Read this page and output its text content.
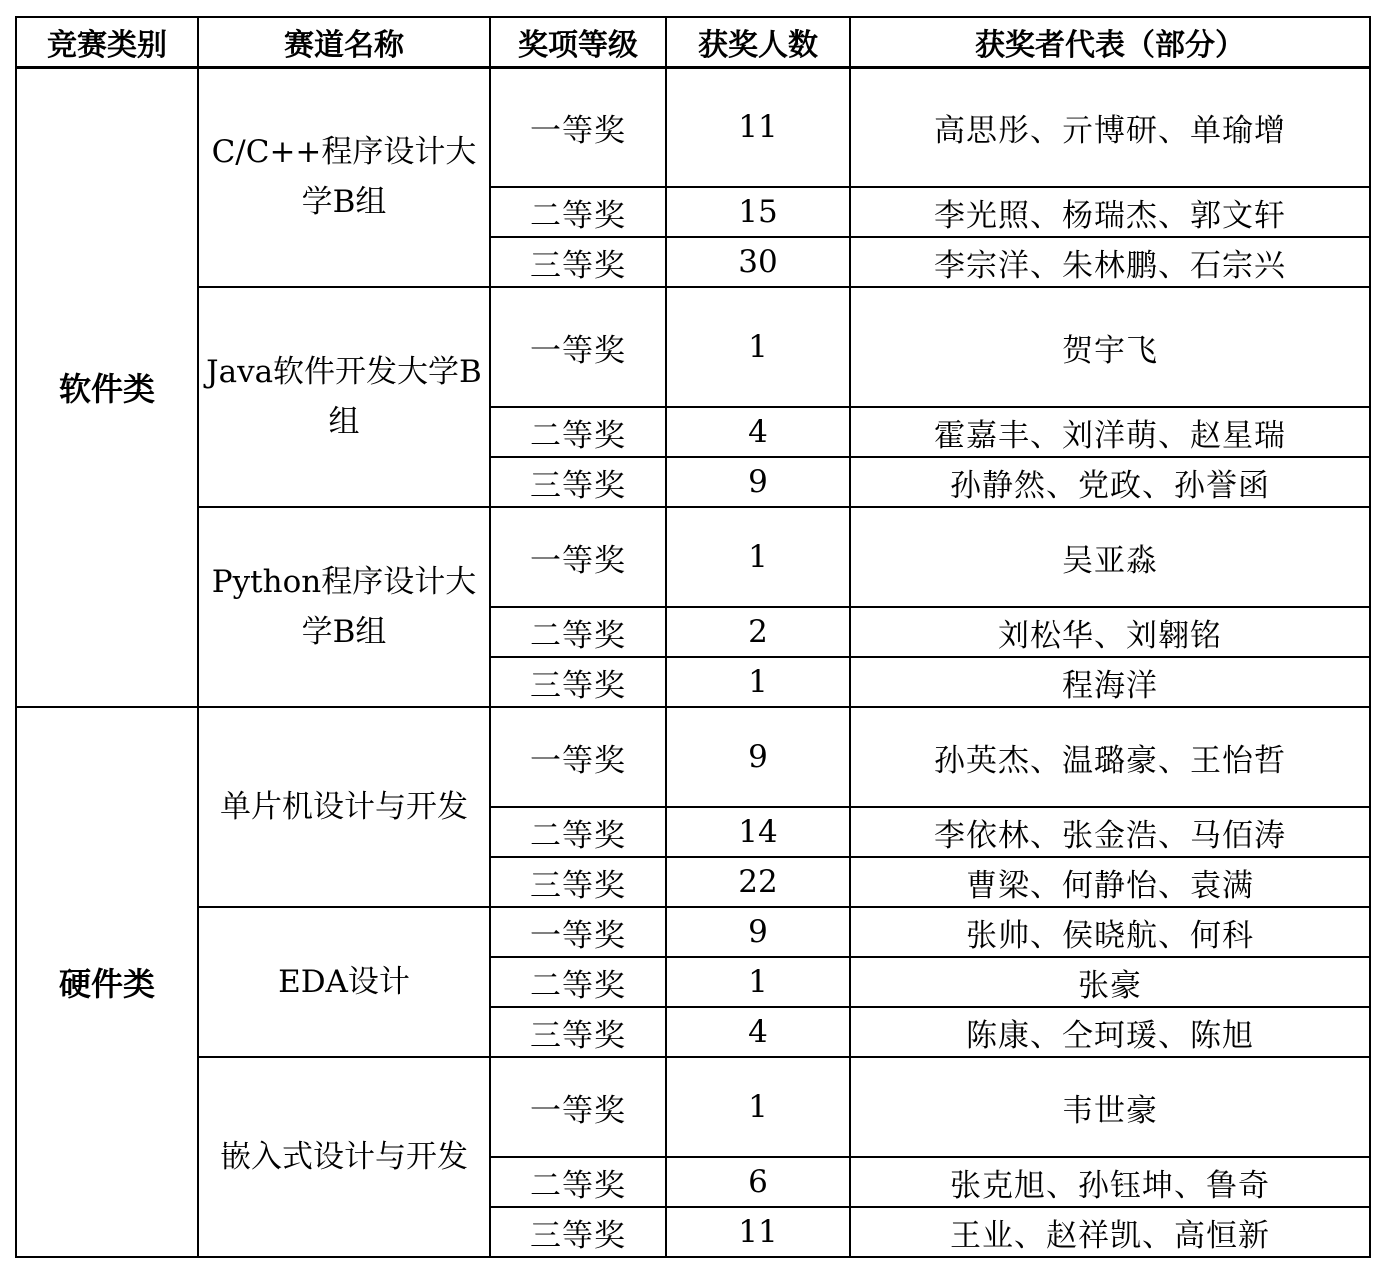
竞赛类别	赛道名称	奖项等级	获奖人数	获奖者代表（部分）
软件类	C/C++程序设计大学B组	一等奖	11	高思彤、亓博研、单瑜增
		二等奖	15	李光照、杨瑞杰、郭文轩
		三等奖	30	李宗洋、朱林鹏、石宗兴
	Java软件开发大学B组	一等奖	1	贺宇飞
		二等奖	4	霍嘉丰、刘洋萌、赵星瑞
		三等奖	9	孙静然、党政、孙誉函
	Python程序设计大学B组	一等奖	1	吴亚淼
		二等奖	2	刘松华、刘翱铭
		三等奖	1	程海洋
硬件类	单片机设计与开发	一等奖	9	孙英杰、温璐豪、王怡哲
		二等奖	14	李依林、张金浩、马佰涛
		三等奖	22	曹梁、何静怡、袁满
	EDA设计	一等奖	9	张帅、侯晓航、何科
		二等奖	1	张豪
		三等奖	4	陈康、仝珂瑗、陈旭
	嵌入式设计与开发	一等奖	1	韦世豪
		二等奖	6	张克旭、孙钰坤、鲁奇
		三等奖	11	王业、赵祥凯、高恒新
